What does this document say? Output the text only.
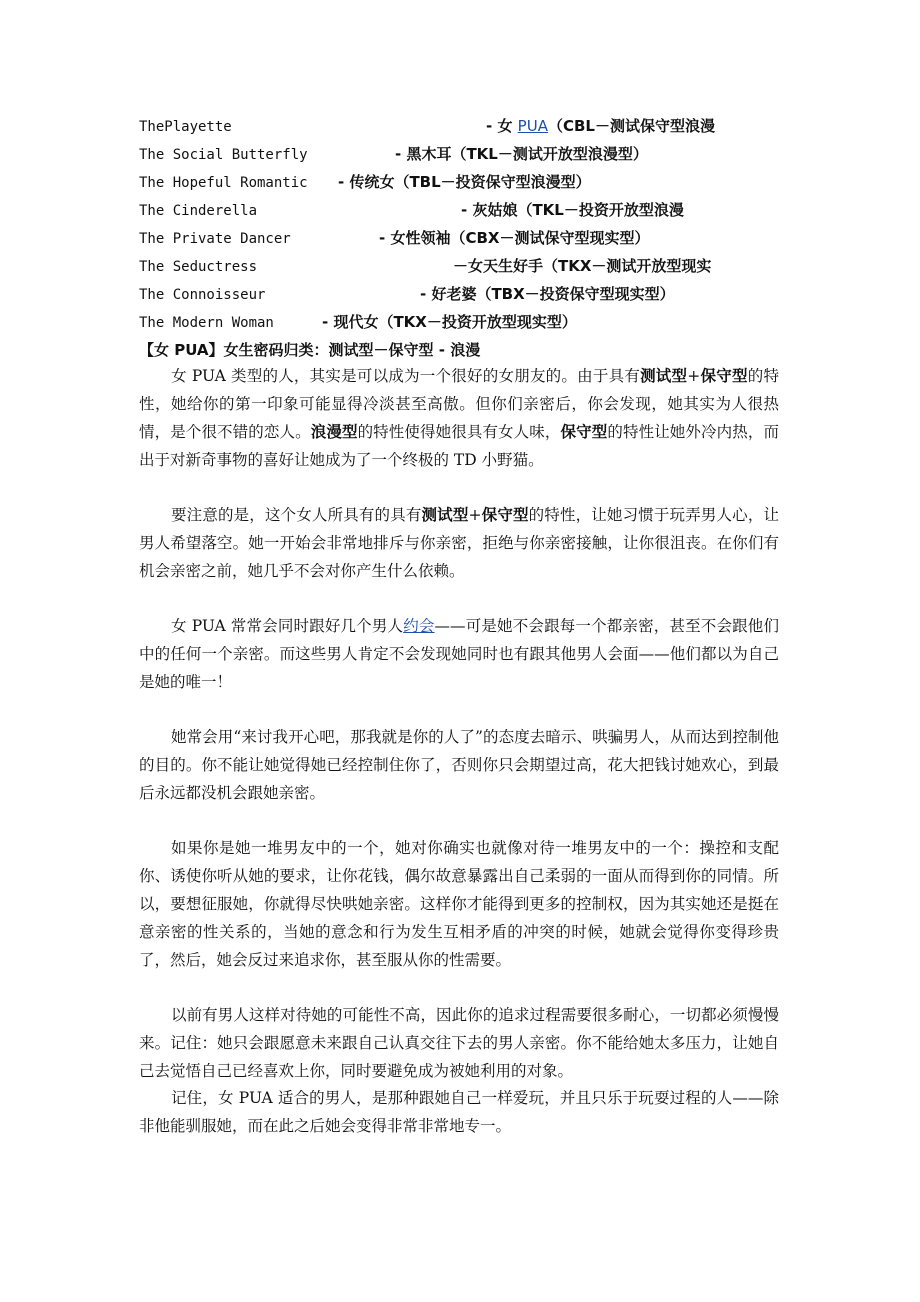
ThePlayette	- 女 PUA（CBL－测试保守型浪漫
The Social Butterfly	- 黑木耳（TKL－测试开放型浪漫型）
The Hopeful Romantic - 传统女（TBL－投资保守型浪漫型）
The Cinderella	- 灰姑娘（TKL－投资开放型浪漫
The Private Dancer	- 女性领袖（CBX－测试保守型现实型）
The Seductress	－女天生好手（TKX－测试开放型现实
The Connoisseur	- 好老婆（TBX－投资保守型现实型）
The Modern Woman	- 现代女（TKX－投资开放型现实型）
【女 PUA】女生密码归类：测试型－保守型 - 浪漫

女 PUA 类型的人，其实是可以成为一个很好的女朋友的。由于具有测试型+保守型的特性，她给你的第一印象可能显得冷淡甚至高傲。但你们亲密后，你会发现，她其实为人很热情，是个很不错的恋人。浪漫型的特性使得她很具有女人味，保守型的特性让她外冷内热，而出于对新奇事物的喜好让她成为了一个终极的 TD 小野猫。

要注意的是，这个女人所具有的具有测试型+保守型的特性，让她习惯于玩弄男人心，让男人希望落空。她一开始会非常地排斥与你亲密，拒绝与你亲密接触，让你很沮丧。在你们有机会亲密之前，她几乎不会对你产生什么依赖。

女 PUA 常常会同时跟好几个男人约会——可是她不会跟每一个都亲密，甚至不会跟他们中的任何一个亲密。而这些男人肯定不会发现她同时也有跟其他男人会面——他们都以为自己是她的唯一！

她常会用“来讨我开心吧，那我就是你的人了”的态度去暗示、哄骗男人，从而达到控制他的目的。你不能让她觉得她已经控制住你了，否则你只会期望过高，花大把钱讨她欢心，到最后永远都没机会跟她亲密。

如果你是她一堆男友中的一个，她对你确实也就像对待一堆男友中的一个：操控和支配你、诱使你听从她的要求，让你花钱，偶尔故意暴露出自己柔弱的一面从而得到你的同情。所以，要想征服她，你就得尽快哄她亲密。这样你才能得到更多的控制权，因为其实她还是挺在意亲密的性关系的，当她的意念和行为发生互相矛盾的冲突的时候，她就会觉得你变得珍贵了，然后，她会反过来追求你，甚至服从你的性需要。

以前有男人这样对待她的可能性不高，因此你的追求过程需要很多耐心，一切都必须慢慢来。记住：她只会跟愿意未来跟自己认真交往下去的男人亲密。你不能给她太多压力，让她自己去觉悟自己已经喜欢上你，同时要避免成为被她利用的对象。

记住，女 PUA 适合的男人，是那种跟她自己一样爱玩，并且只乐于玩耍过程的人——除非他能驯服她，而在此之后她会变得非常非常地专一。
